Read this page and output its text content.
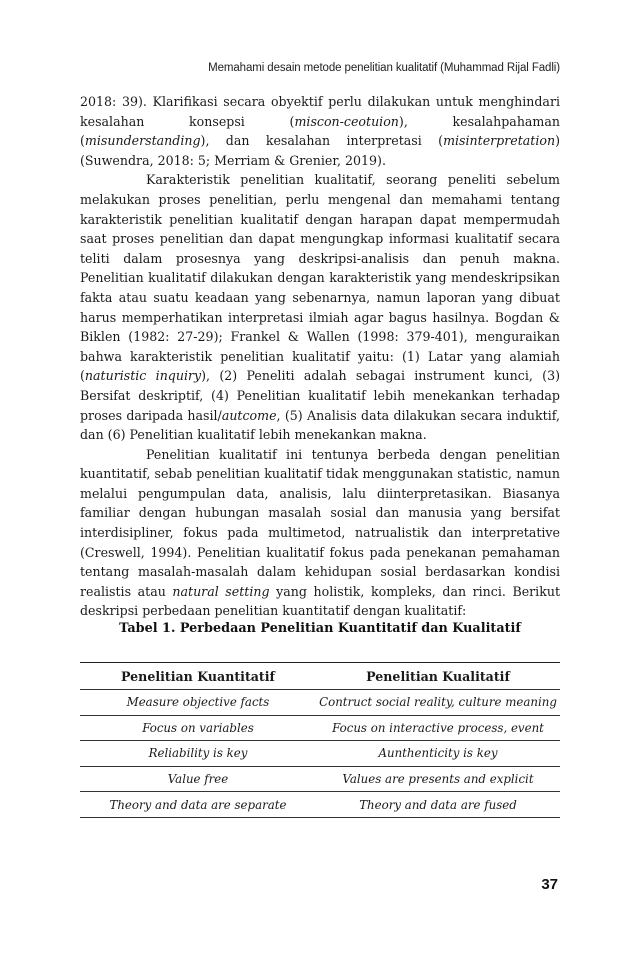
Memahami desain metode penelitian kualitatif (Muhammad Rijal Fadli)

2018: 39). Klarifikasi secara obyektif perlu dilakukan untuk menghindari kesalahan konsepsi (miscon-ceotuion), kesalahpahaman (misunderstanding), dan kesalahan interpretasi (misinterpretation) (Suwendra, 2018: 5; Merriam & Grenier, 2019).

Karakteristik penelitian kualitatif, seorang peneliti sebelum melakukan proses penelitian, perlu mengenal dan memahami tentang karakteristik penelitian kualitatif dengan harapan dapat mempermudah saat proses penelitian dan dapat mengungkap informasi kualitatif secara teliti dalam prosesnya yang deskripsi-analisis dan penuh makna. Penelitian kualitatif dilakukan dengan karakteristik yang mendeskripsikan fakta atau suatu keadaan yang sebenarnya, namun laporan yang dibuat harus memperhatikan interpretasi ilmiah agar bagus hasilnya. Bogdan & Biklen (1982: 27-29); Frankel & Wallen (1998: 379-401), menguraikan bahwa karakteristik penelitian kualitatif yaitu: (1) Latar yang alamiah (naturistic inquiry), (2) Peneliti adalah sebagai instrument kunci, (3) Bersifat deskriptif, (4) Penelitian kualitatif lebih menekankan terhadap proses daripada hasil/autcome, (5) Analisis data dilakukan secara induktif, dan (6) Penelitian kualitatif lebih menekankan makna.

Penelitian kualitatif ini tentunya berbeda dengan penelitian kuantitatif, sebab penelitian kualitatif tidak menggunakan statistic, namun melalui pengumpulan data, analisis, lalu diinterpretasikan. Biasanya familiar dengan hubungan masalah sosial dan manusia yang bersifat interdisiplіner, fokus pada multimetod, natrualistik dan interpretative (Creswell, 1994). Penelitian kualitatif fokus pada penekanan pemahaman tentang masalah-masalah dalam kehidupan sosial berdasarkan kondisi realistis atau natural setting yang holistik, kompleks, dan rinci. Berikut deskripsi perbedaan penelitian kuantitatif dengan kualitatif:

Tabel 1. Perbedaan Penelitian Kuantitatif dan Kualitatif
Penelitian Kuantitatif	Penelitian Kualitatif
Measure objective facts	Contruct social reality, culture meaning
Focus on variables	Focus on interactive process, event
Reliability is key	Aunthenticity is key
Value free	Values are presents and explicit
Theory and data are separate	Theory and data are fused
37
